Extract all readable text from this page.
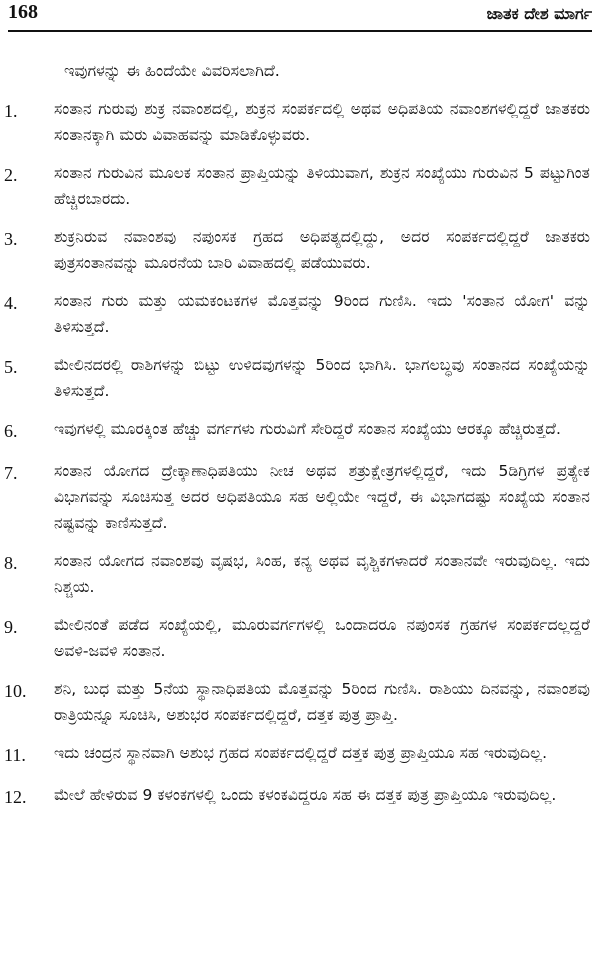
168	ಜಾತಕ ದೇಶ ಮಾರ್ಗ

ಇವುಗಳನ್ನು ಈ ಹಿಂದೆಯೇ ವಿವರಿಸಲಾಗಿದೆ.

1.	ಸಂತಾನ ಗುರುವು ಶುಕ್ರ ನವಾಂಶದಲ್ಲಿ, ಶುಕ್ರನ ಸಂಪರ್ಕದಲ್ಲಿ ಅಥವ ಅಧಿಪತಿಯ ನವಾಂಶಗಳಲ್ಲಿದ್ದರೆ ಜಾತಕರು ಸಂತಾನಕ್ಕಾಗಿ ಮರು ವಿವಾಹವನ್ನು ಮಾಡಿಕೊಳ್ಳುವರು.
2.	ಸಂತಾನ ಗುರುವಿನ ಮೂಲಕ ಸಂತಾನ ಪ್ರಾಪ್ತಿಯನ್ನು ತಿಳಿಯುವಾಗ, ಶುಕ್ರನ ಸಂಖ್ಯೆಯು ಗುರುವಿನ 5 ಪಟ್ಟುಗಿಂತ ಹೆಚ್ಚಿರಬಾರದು.
3.	ಶುಕ್ರನಿರುವ ನವಾಂಶವು ನಪುಂಸಕ ಗ್ರಹದ ಅಧಿಪತ್ಯದಲ್ಲಿದ್ದು, ಅದರ ಸಂಪರ್ಕದಲ್ಲಿದ್ದರೆ ಜಾತಕರು ಪುತ್ರಸಂತಾನವನ್ನು ಮೂರನೆಯ ಬಾರಿ ವಿವಾಹದಲ್ಲಿ ಪಡೆಯುವರು.
4.	ಸಂತಾನ ಗುರು ಮತ್ತು ಯಮಕಂಟಕಗಳ ಮೊತ್ತವನ್ನು 9ರಿಂದ ಗುಣಿಸಿ. ಇದು 'ಸಂತಾನ ಯೋಗ' ವನ್ನು ತಿಳಿಸುತ್ತದೆ.
5.	ಮೇಲಿನದರಲ್ಲಿ ರಾಶಿಗಳನ್ನು ಬಿಟ್ಟು ಉಳಿದವುಗಳನ್ನು 5ರಿಂದ ಭಾಗಿಸಿ. ಭಾಗಲಬ್ಧವು ಸಂತಾನದ ಸಂಖ್ಯೆಯನ್ನು ತಿಳಿಸುತ್ತದೆ.
6.	ಇವುಗಳಲ್ಲಿ ಮೂರಕ್ಕಿಂತ ಹೆಚ್ಚು ವರ್ಗಗಳು ಗುರುವಿಗೆ ಸೇರಿದ್ದರೆ ಸಂತಾನ ಸಂಖ್ಯೆಯು ಆರಕ್ಕೂ ಹೆಚ್ಚಿರುತ್ತದೆ.
7.	ಸಂತಾನ ಯೋಗದ ದ್ರೇಕ್ಕಾಣಾಧಿಪತಿಯು ನೀಚ ಅಥವ ಶತ್ರುಕ್ಷೇತ್ರಗಳಲ್ಲಿದ್ದರೆ, ಇದು 5ಡಿಗ್ರಿಗಳ ಪ್ರತ್ಯೇಕ ವಿಭಾಗವನ್ನು ಸೂಚಿಸುತ್ತ ಅದರ ಅಧಿಪತಿಯೂ ಸಹ ಅಲ್ಲಿಯೇ ಇದ್ದರೆ, ಈ ವಿಭಾಗದಷ್ಟು ಸಂಖ್ಯೆಯ ಸಂತಾನ ನಷ್ಟವನ್ನು ಕಾಣಿಸುತ್ತದೆ.
8.	ಸಂತಾನ ಯೋಗದ ನವಾಂಶವು ವೃಷಭ, ಸಿಂಹ, ಕನ್ಯ ಅಥವ ವೃಶ್ಚಿಕಗಳಾದರೆ ಸಂತಾನವೇ ಇರುವುದಿಲ್ಲ. ಇದು ನಿಶ್ಚಯ.
9.	ಮೇಲಿನಂತೆ ಪಡೆದ ಸಂಖ್ಯೆಯಲ್ಲಿ, ಮೂರುವರ್ಗಗಳಲ್ಲಿ ಒಂದಾದರೂ ನಪುಂಸಕ ಗ್ರಹಗಳ ಸಂಪರ್ಕದಲ್ಲದ್ದರೆ ಅವಳಿ-ಜವಳಿ ಸಂತಾನ.
10.	ಶನಿ, ಬುಧ ಮತ್ತು 5ನೆಯ ಸ್ಥಾನಾಧಿಪತಿಯ ಮೊತ್ತವನ್ನು 5ರಿಂದ ಗುಣಿಸಿ. ರಾಶಿಯು ದಿನವನ್ನು, ನವಾಂಶವು ರಾತ್ರಿಯನ್ನೂ ಸೂಚಿಸಿ, ಅಶುಭರ ಸಂಪರ್ಕದಲ್ಲಿದ್ದರೆ, ದತ್ತಕ ಪುತ್ರ ಪ್ರಾಪ್ತಿ.
11.	ಇದು ಚಂದ್ರನ ಸ್ಥಾನವಾಗಿ ಅಶುಭ ಗ್ರಹದ ಸಂಪರ್ಕದಲ್ಲಿದ್ದರೆ ದತ್ತಕ ಪುತ್ರ ಪ್ರಾಪ್ತಿಯೂ ಸಹ ಇರುವುದಿಲ್ಲ.
12.	ಮೇಲೆ ಹೇಳಿರುವ 9 ಕಳಂಕಗಳಲ್ಲಿ ಒಂದು ಕಳಂಕವಿದ್ದರೂ ಸಹ ಈ ದತ್ತಕ ಪುತ್ರ ಪ್ರಾಪ್ತಿಯೂ ಇರುವುದಿಲ್ಲ.
